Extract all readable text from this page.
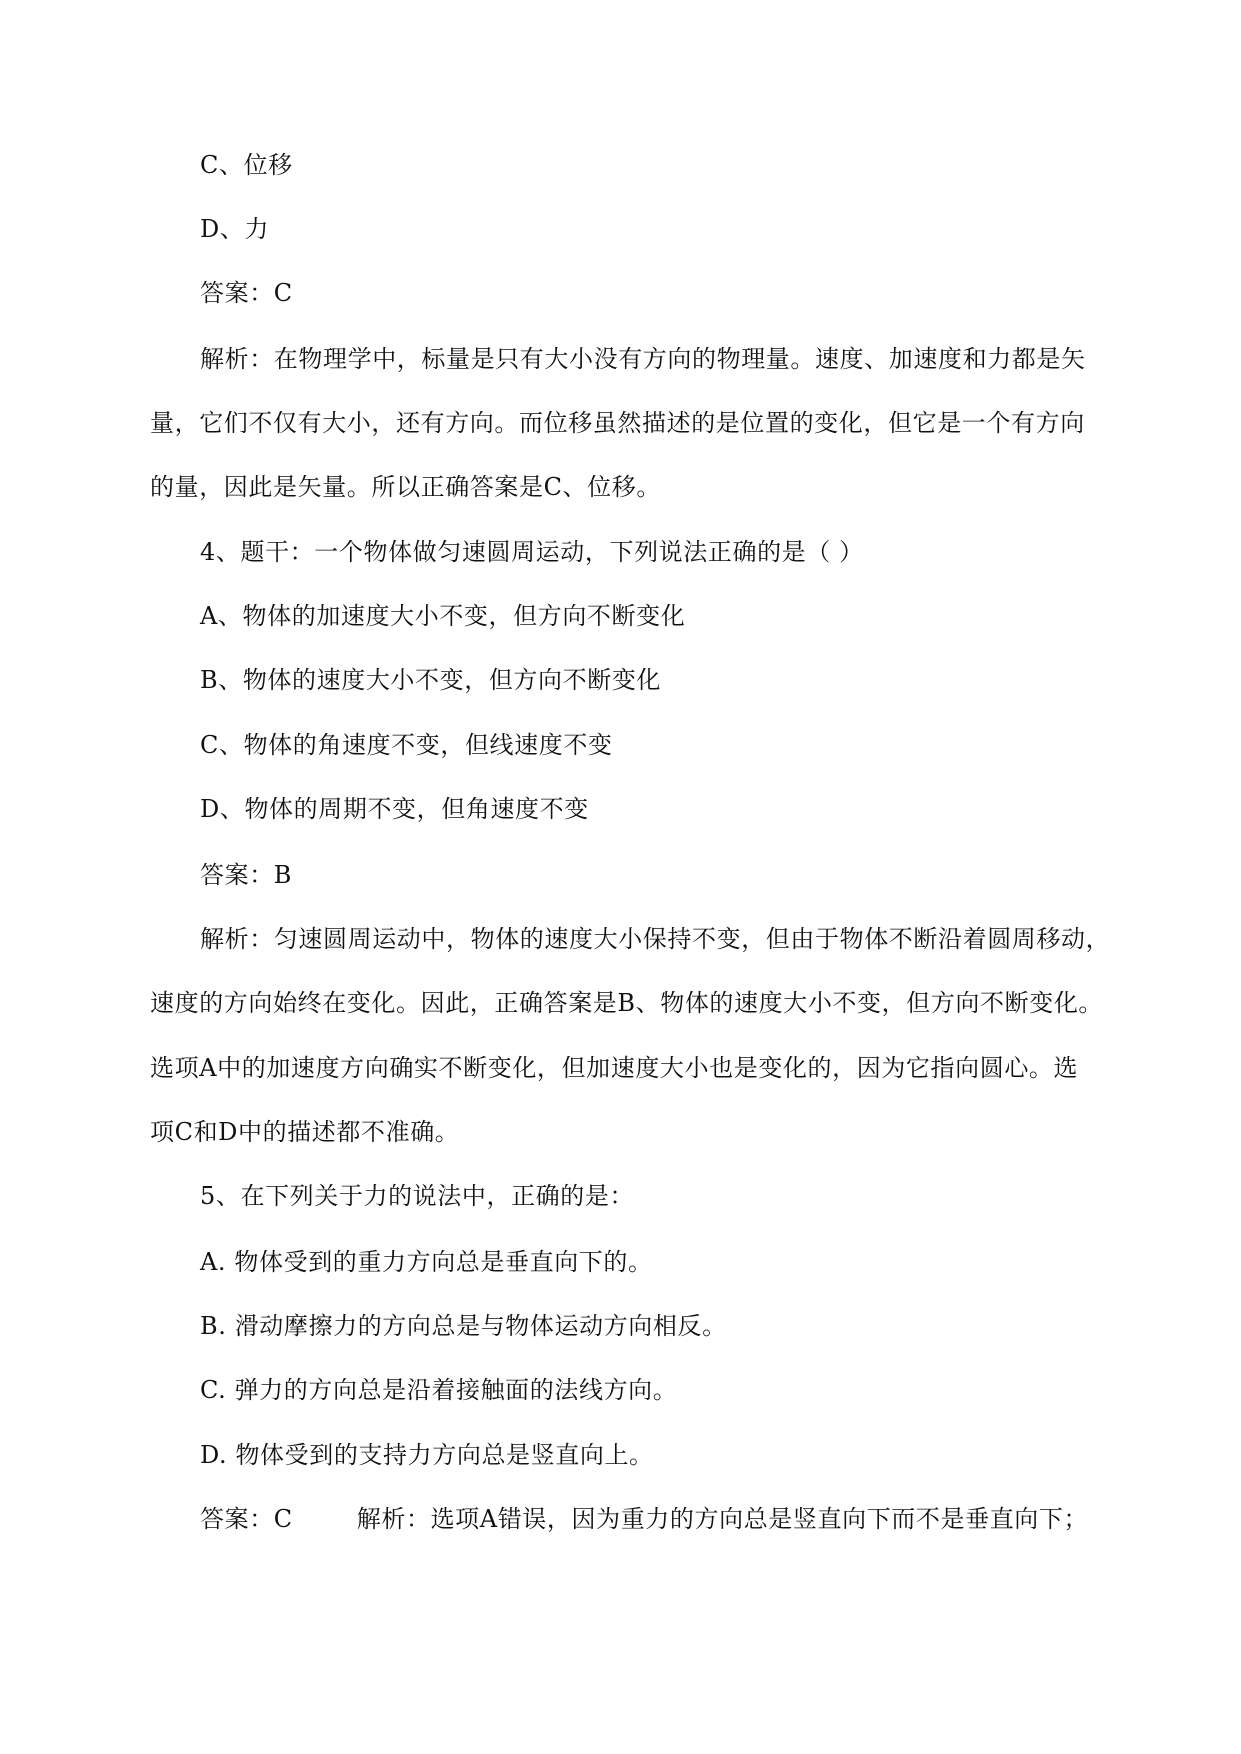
C、位移
D、力
答案：C
解析：在物理学中，标量是只有大小没有方向的物理量。速度、加速度和力都是矢
量，它们不仅有大小，还有方向。而位移虽然描述的是位置的变化，但它是一个有方向
的量，因此是矢量。所以正确答案是C、位移。
4、题干：一个物体做匀速圆周运动，下列说法正确的是（ ）
A、物体的加速度大小不变，但方向不断变化
B、物体的速度大小不变，但方向不断变化
C、物体的角速度不变，但线速度不变
D、物体的周期不变，但角速度不变
答案：B
解析：匀速圆周运动中，物体的速度大小保持不变，但由于物体不断沿着圆周移动，
速度的方向始终在变化。因此，正确答案是B、物体的速度大小不变，但方向不断变化。
选项A中的加速度方向确实不断变化，但加速度大小也是变化的，因为它指向圆心。选
项C和D中的描述都不准确。
5、在下列关于力的说法中，正确的是：
A. 物体受到的重力方向总是垂直向下的。
B. 滑动摩擦力的方向总是与物体运动方向相反。
C. 弹力的方向总是沿着接触面的法线方向。
D. 物体受到的支持力方向总是竖直向上。
答案：C	解析：选项A错误，因为重力的方向总是竖直向下而不是垂直向下；
